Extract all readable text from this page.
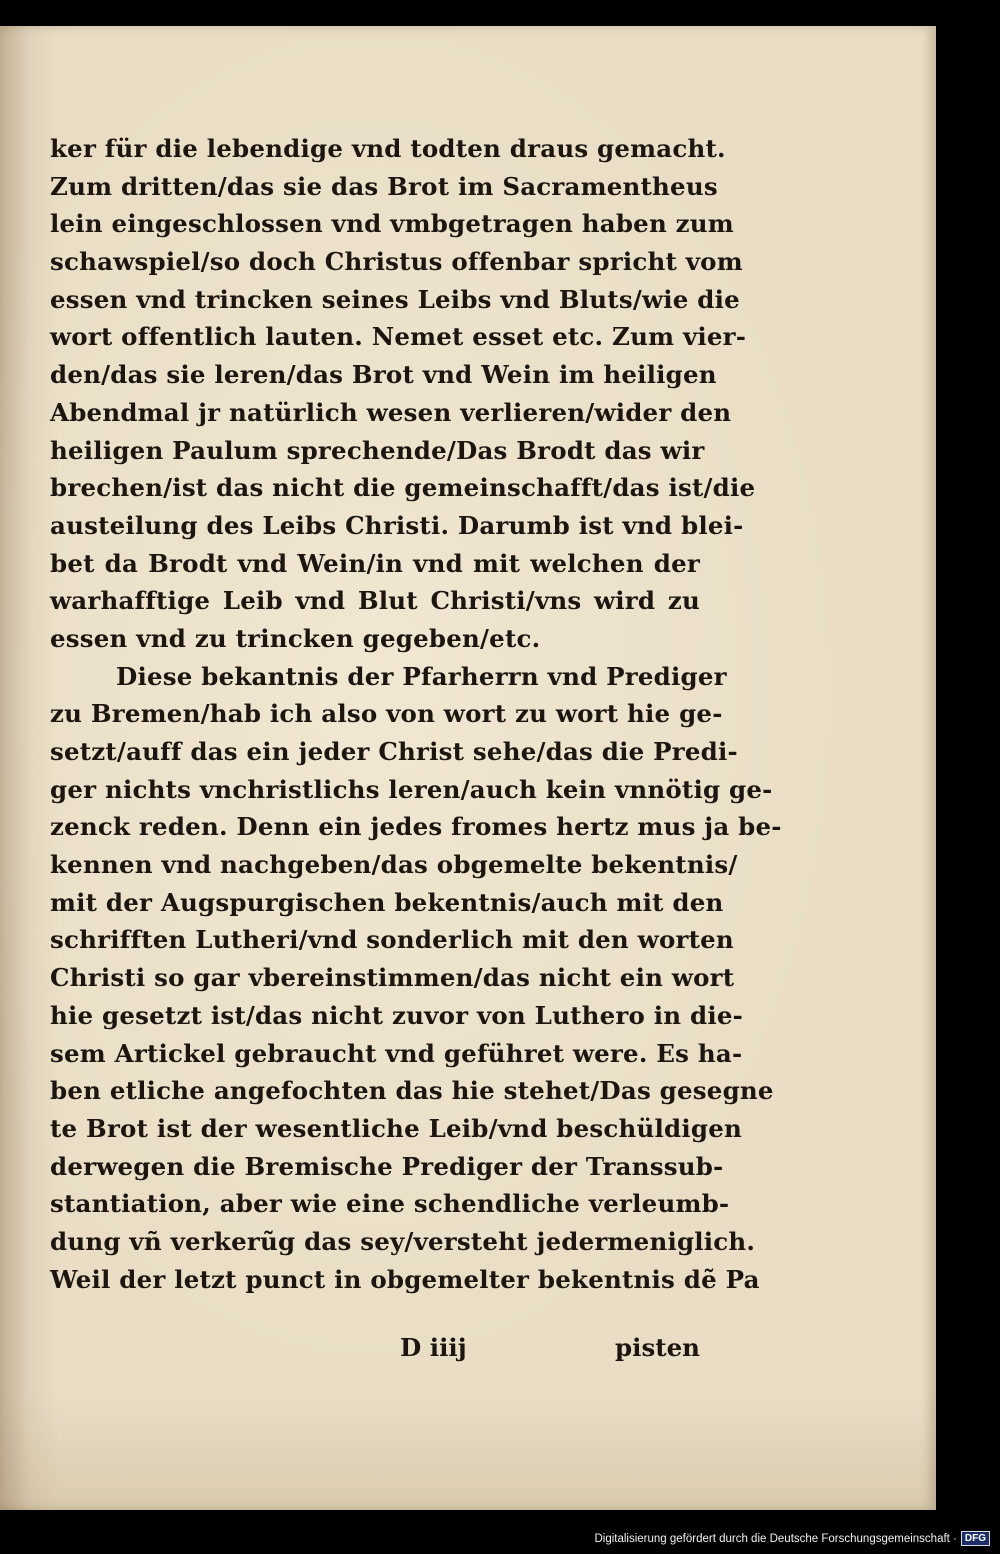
ker für die lebendige vnd todten draus gemacht.
Zum dritten/das sie das Brot im Sacramentheus
lein eingeschlossen vnd vmbgetragen haben zum
schawspiel/so doch Christus offenbar spricht vom
essen vnd trincken seines Leibs vnd Bluts/wie die
wort offentlich lauten. Nemet esset etc. Zum vier-
den/das sie leren/das Brot vnd Wein im heiligen
Abendmal jr natürlich wesen verlieren/wider den
heiligen Paulum sprechende/Das Brodt das wir
brechen/ist das nicht die gemeinschafft/das ist/die
austeilung des Leibs Christi. Darumb ist vnd blei-
bet da Brodt vnd Wein/in vnd mit welchen der
warhafftige Leib vnd Blut Christi/vns wird zu
essen vnd zu trincken gegeben/etc.
Diese bekantnis der Pfarherrn vnd Prediger
zu Bremen/hab ich also von wort zu wort hie ge-
setzt/auff das ein jeder Christ sehe/das die Predi-
ger nichts vnchristlichs leren/auch kein vnnötig ge-
zenck reden. Denn ein jedes fromes hertz mus ja be-
kennen vnd nachgeben/das obgemelte bekentnis/
mit der Augspurgischen bekentnis/auch mit den
schrifften Lutheri/vnd sonderlich mit den worten
Christi so gar vbereinstimmen/das nicht ein wort
hie gesetzt ist/das nicht zuvor von Luthero in die-
sem Artickel gebraucht vnd geführet were. Es ha-
ben etliche angefochten das hie stehet/Das gesegne
te Brot ist der wesentliche Leib/vnd beschüldigen
derwegen die Bremische Prediger der Transsub-
stantiation, aber wie eine schendliche verleumb-
dung vñ verkerũg das sey/versteht jedermeniglich.
Weil der letzt punct in obgemelter bekentnis dẽ Pa
D iiij	pisten
Digitalisierung gefördert durch die Deutsche Forschungsgemeinschaft · DFG
